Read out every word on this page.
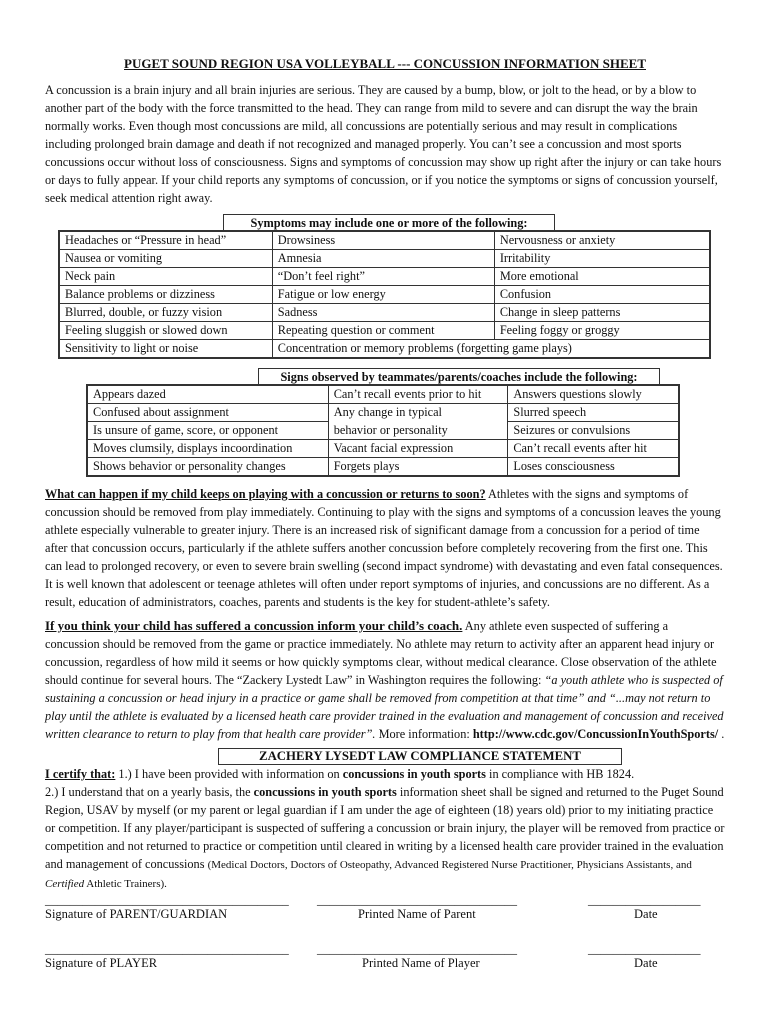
PUGET SOUND REGION USA VOLLEYBALL --- CONCUSSION INFORMATION SHEET

A concussion is a brain injury and all brain injuries are serious. They are caused by a bump, blow, or jolt to the head, or by a blow to another part of the body with the force transmitted to the head. They can range from mild to severe and can disrupt the way the brain normally works. Even though most concussions are mild, all concussions are potentially serious and may result in complications including prolonged brain damage and death if not recognized and managed properly. You can’t see a concussion and most sports concussions occur without loss of consciousness. Signs and symptoms of concussion may show up right after the injury or can take hours or days to fully appear. If your child reports any symptoms of concussion, or if you notice the symptoms or signs of concussion yourself, seek medical attention right away.

Symptoms may include one or more of the following:
Headaches or “Pressure in head”	Drowsiness	Nervousness or anxiety
Nausea or vomiting	Amnesia	Irritability
Neck pain	“Don’t feel right”	More emotional
Balance problems or dizziness	Fatigue or low energy	Confusion
Blurred, double, or fuzzy vision	Sadness	Change in sleep patterns
Feeling sluggish or slowed down	Repeating question or comment	Feeling foggy or groggy
Sensitivity to light or noise	Concentration or memory problems (forgetting game plays)	
Signs observed by teammates/parents/coaches include the following:
Appears dazed	Can’t recall events prior to hit	Answers questions slowly
Confused about assignment	Any change in typical	Slurred speech
Is unsure of game, score, or opponent	behavior or personality	Seizures or convulsions
Moves clumsily, displays incoordination	Vacant facial expression	Can’t recall events after hit
Shows behavior or personality changes	Forgets plays	Loses consciousness

What can happen if my child keeps on playing with a concussion or returns to soon? Athletes with the signs and symptoms of concussion should be removed from play immediately. Continuing to play with the signs and symptoms of a concussion leaves the young athlete especially vulnerable to greater injury. There is an increased risk of significant damage from a concussion for a period of time after that concussion occurs, particularly if the athlete suffers another concussion before completely recovering from the first one. This can lead to prolonged recovery, or even to severe brain swelling (second impact syndrome) with devastating and even fatal consequences. It is well known that adolescent or teenage athletes will often under report symptoms of injuries, and concussions are no different. As a result, education of administrators, coaches, parents and students is the key for student-athlete’s safety.

If you think your child has suffered a concussion inform your child’s coach. Any athlete even suspected of suffering a concussion should be removed from the game or practice immediately. No athlete may return to activity after an apparent head injury or concussion, regardless of how mild it seems or how quickly symptoms clear, without medical clearance. Close observation of the athlete should continue for several hours. The “Zackery Lystedt Law” in Washington requires the following: “a youth athlete who is suspected of sustaining a concussion or head injury in a practice or game shall be removed from competition at that time” and “...may not return to play until the athlete is evaluated by a licensed heath care provider trained in the evaluation and management of concussion and received written clearance to return to play from that health care provider”. More information: http://www.cdc.gov/ConcussionInYouthSports/ .

ZACHERY LYSEDT LAW COMPLIANCE STATEMENT

I certify that: 1.) I have been provided with information on concussions in youth sports in compliance with HB 1824.

2.) I understand that on a yearly basis, the concussions in youth sports information sheet shall be signed and returned to the Puget Sound Region, USAV by myself (or my parent or legal guardian if I am under the age of eighteen (18) years old) prior to my initiating practice or competition. If any player/participant is suspected of suffering a concussion or brain injury, the player will be removed from practice or competition and not returned to practice or competition until cleared in writing by a licensed health care provider trained in the evaluation and management of concussions (Medical Doctors, Doctors of Osteopathy, Advanced Registered Nurse Practitioner, Physicians Assistants, and Certified Athletic Trainers).

_______________________________________ ________________________________	__________________
Signature of PARENT/GUARDIAN	Printed Name of Parent	Date
_______________________________________ ________________________________	__________________
Signature of PLAYER	Printed Name of Player	Date
